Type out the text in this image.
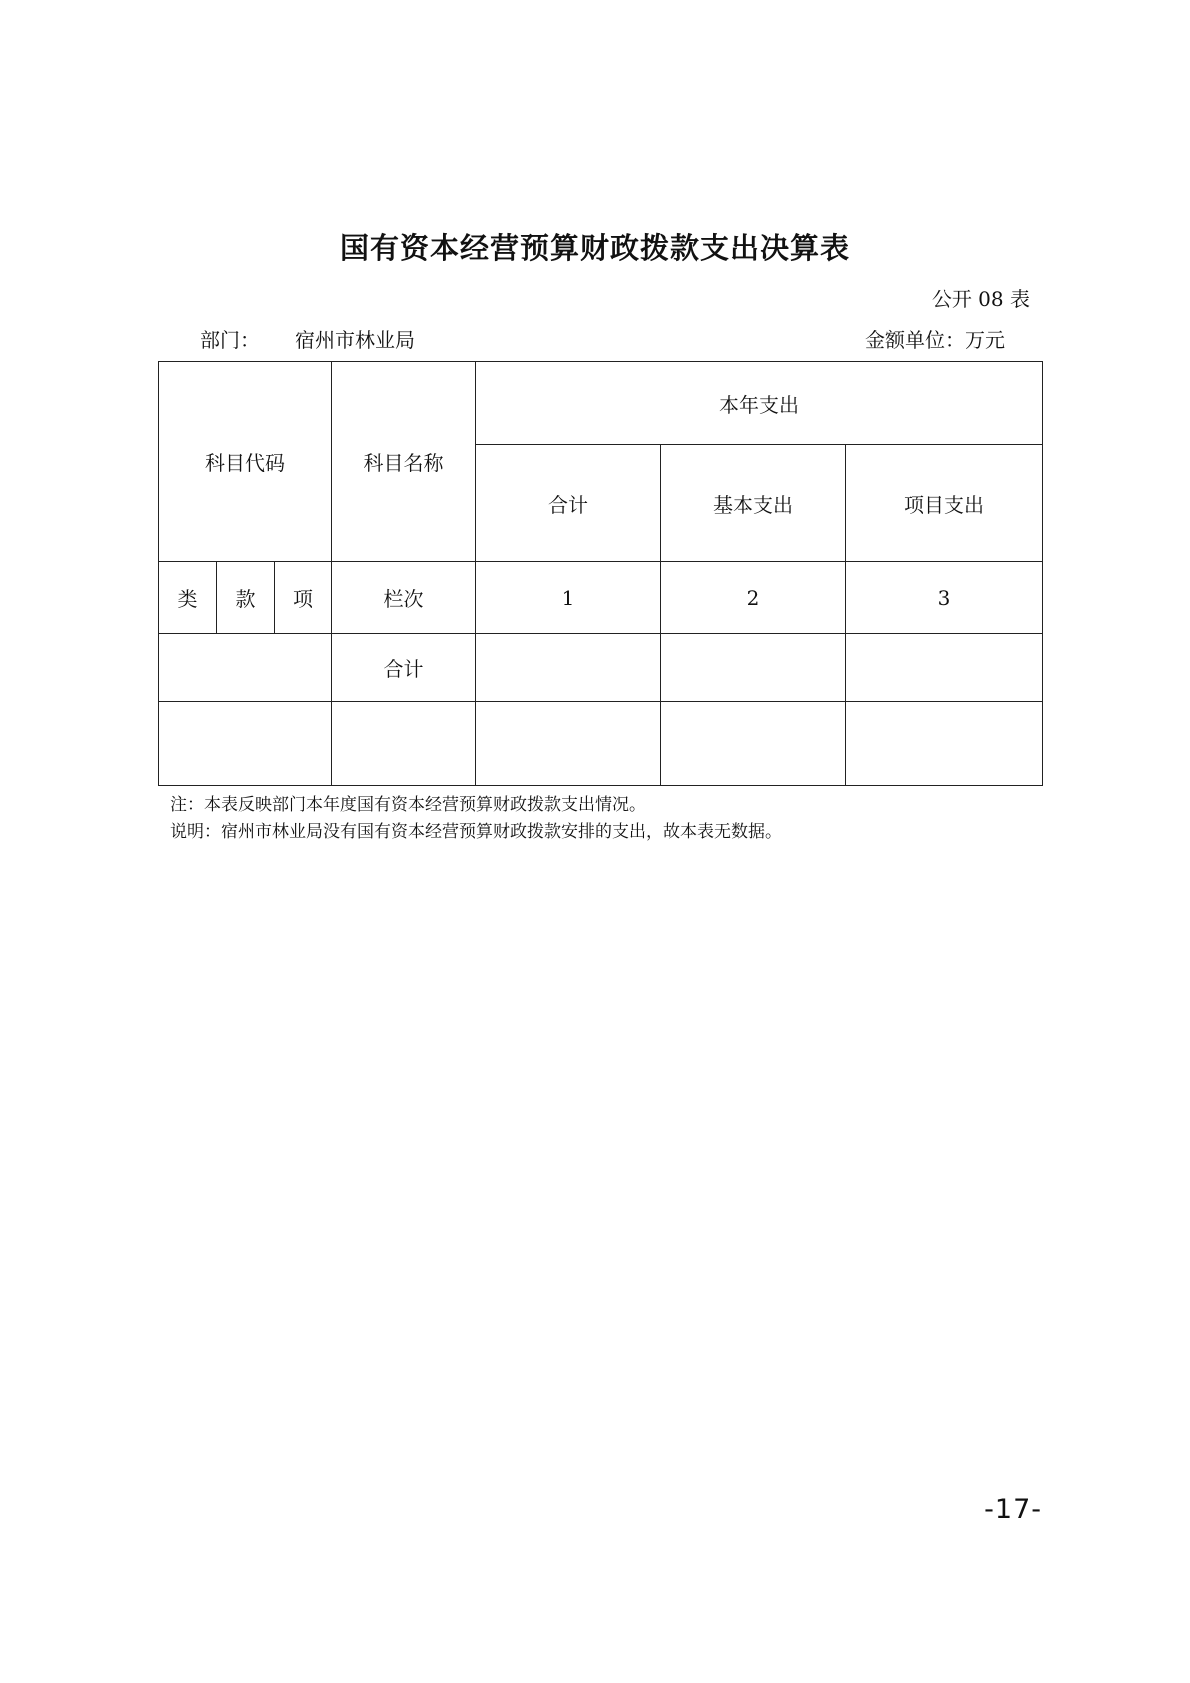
国有资本经营预算财政拨款支出决算表
公开 08 表
部门： 宿州市林业局	金额单位：万元
科目代码			科目名称	本年支出		
				合计	基本支出	项目支出
类	款	项	栏次	1	2	3
			合计			

注：本表反映部门本年度国有资本经营预算财政拨款支出情况。
说明：宿州市林业局没有国有资本经营预算财政拨款安排的支出，故本表无数据。
-17-
